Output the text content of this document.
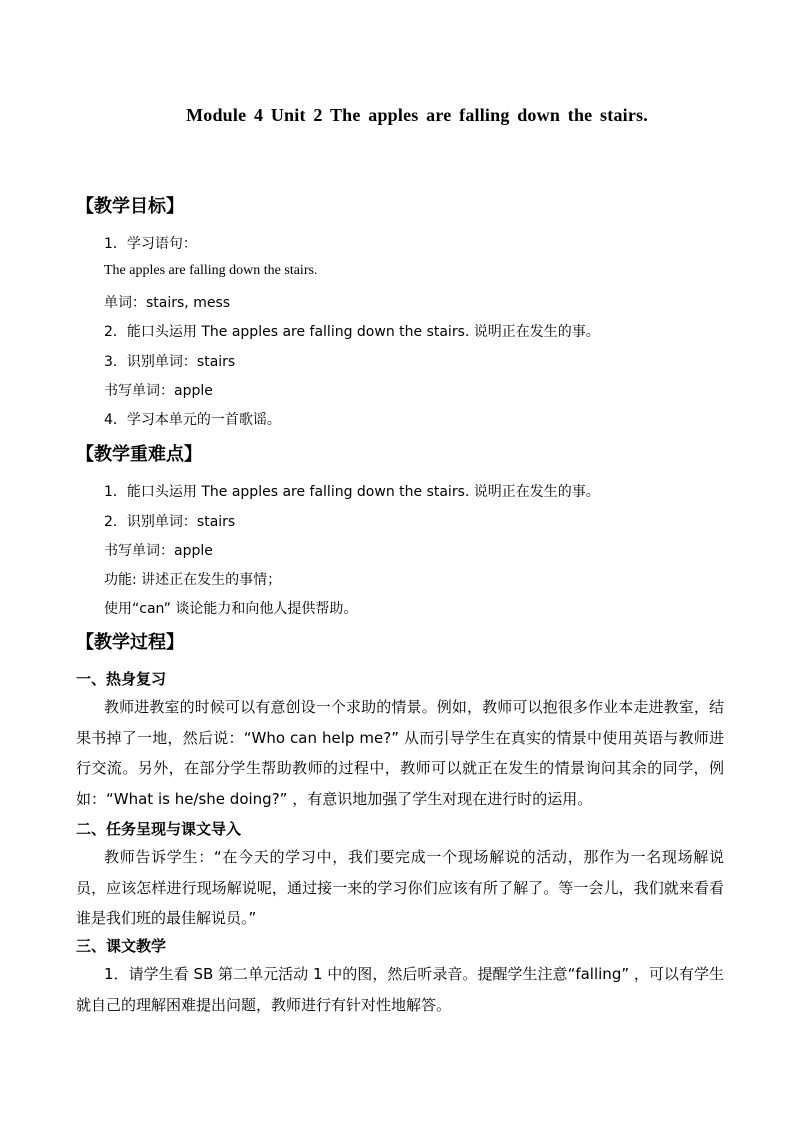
Module 4 Unit 2 The apples are falling down the stairs.
【教学目标】
1．学习语句：
The apples are falling down the stairs.
单词：stairs, mess
2．能口头运用 The apples are falling down the stairs. 说明正在发生的事。
3．识别单词：stairs
书写单词：apple
4．学习本单元的一首歌谣。
【教学重难点】
1．能口头运用 The apples are falling down the stairs. 说明正在发生的事。
2．识别单词：stairs
书写单词：apple
功能: 讲述正在发生的事情；
使用“can” 谈论能力和向他人提供帮助。
【教学过程】
一、热身复习
教师进教室的时候可以有意创设一个求助的情景。例如，教师可以抱很多作业本走进教室，结果书掉了一地，然后说：“Who can help me?” 从而引导学生在真实的情景中使用英语与教师进行交流。另外，在部分学生帮助教师的过程中，教师可以就正在发生的情景询问其余的同学，例如：“What is he/she doing?” ，有意识地加强了学生对现在进行时的运用。
二、任务呈现与课文导入
教师告诉学生：“在今天的学习中，我们要完成一个现场解说的活动，那作为一名现场解说员，应该怎样进行现场解说呢，通过接一来的学习你们应该有所了解了。等一会儿，我们就来看看谁是我们班的最佳解说员。”
三、课文教学
1．请学生看 SB 第二单元活动 1 中的图，然后听录音。提醒学生注意“falling” ，可以有学生就自己的理解困难提出问题，教师进行有针对性地解答。
